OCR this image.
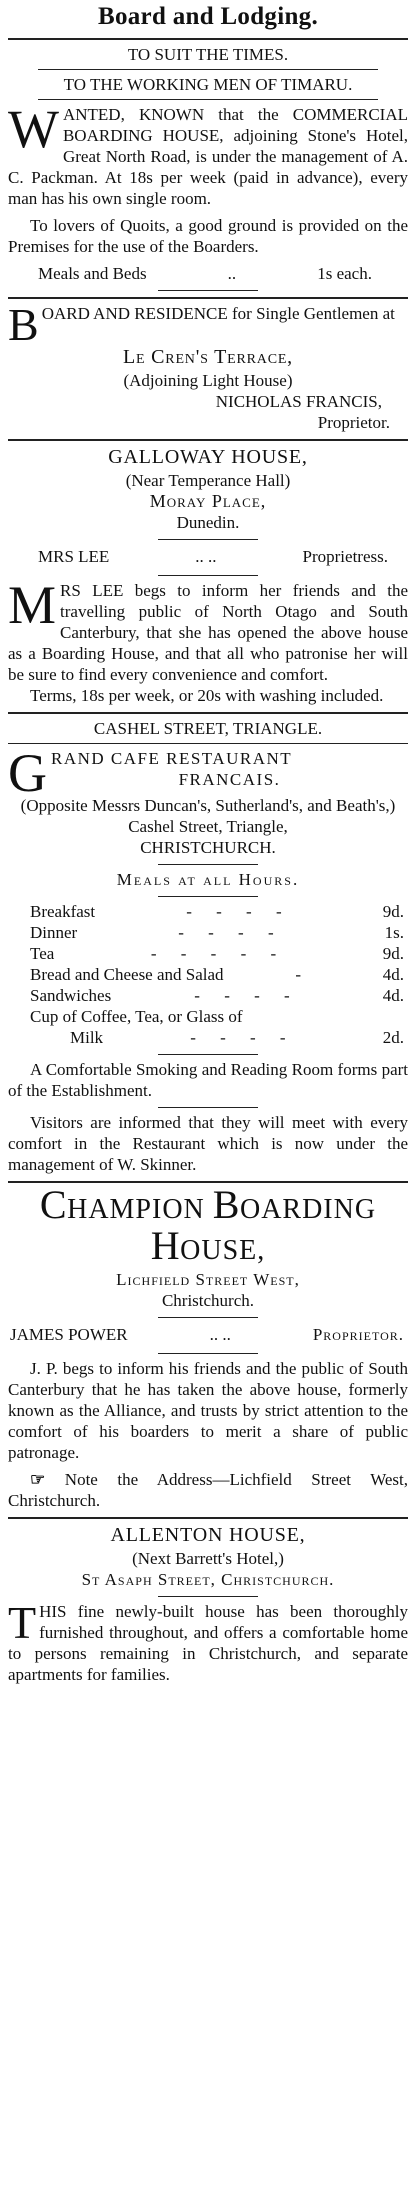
Board and Lodging.

TO SUIT THE TIMES.

TO THE WORKING MEN OF TIMARU.

WANTED, KNOWN that the COMMERCIAL BOARDING HOUSE, adjoining Stone's Hotel, Great North Road, is under the management of A. C. Packman. At 18s per week (paid in advance), every man has his own single room.

To lovers of Quoits, a good ground is provided on the Premises for the use of the Boarders.

Meals and Beds	..	1s each.
BOARD AND RESIDENCE for Single Gentlemen at

Le Cren's Terrace,

(Adjoining Light House)

NICHOLAS FRANCIS,

Proprietor.

GALLOWAY HOUSE,

(Near Temperance Hall)

Moray Place,

Dunedin.

MRS LEE	.. ..	Proprietress.
MRS LEE begs to inform her friends and the travelling public of North Otago and South Canterbury, that she has opened the above house as a Boarding House, and that all who patronise her will be sure to find every convenience and comfort.

Terms, 18s per week, or 20s with washing included.

CASHEL STREET, TRIANGLE.

G RAND CAFE RESTAURANT

FRANCAIS.

(Opposite Messrs Duncan's, Sutherland's, and Beath's,)

Cashel Street, Triangle,

CHRISTCHURCH.

Meals at all Hours.

Breakfast	- - - -	9d.
Dinner	- - - -	1s.
Tea	- - - - -	9d.
Bread and Cheese and Salad	-	4d.
Sandwiches	- - - -	4d.
Cup of Coffee, Tea, or Glass of
Milk	- - - -	2d.

A Comfortable Smoking and Reading Room forms part of the Establishment.

Visitors are informed that they will meet with every comfort in the Restaurant which is now under the management of W. Skinner.

CHAMPION BOARDING HOUSE,

Lichfield Street West,

Christchurch.

JAMES POWER	.. ..	Proprietor.

J. P. begs to inform his friends and the public of South Canterbury that he has taken the above house, formerly known as the Alliance, and trusts by strict attention to the comfort of his boarders to merit a share of public patronage.

☞ Note the Address—Lichfield Street West, Christchurch.

ALLENTON HOUSE,

(Next Barrett's Hotel,)

St Asaph Street, Christchurch.

THIS fine newly-built house has been thoroughly furnished throughout, and offers a comfortable home to persons remaining in Christchurch, and separate apartments for families.
